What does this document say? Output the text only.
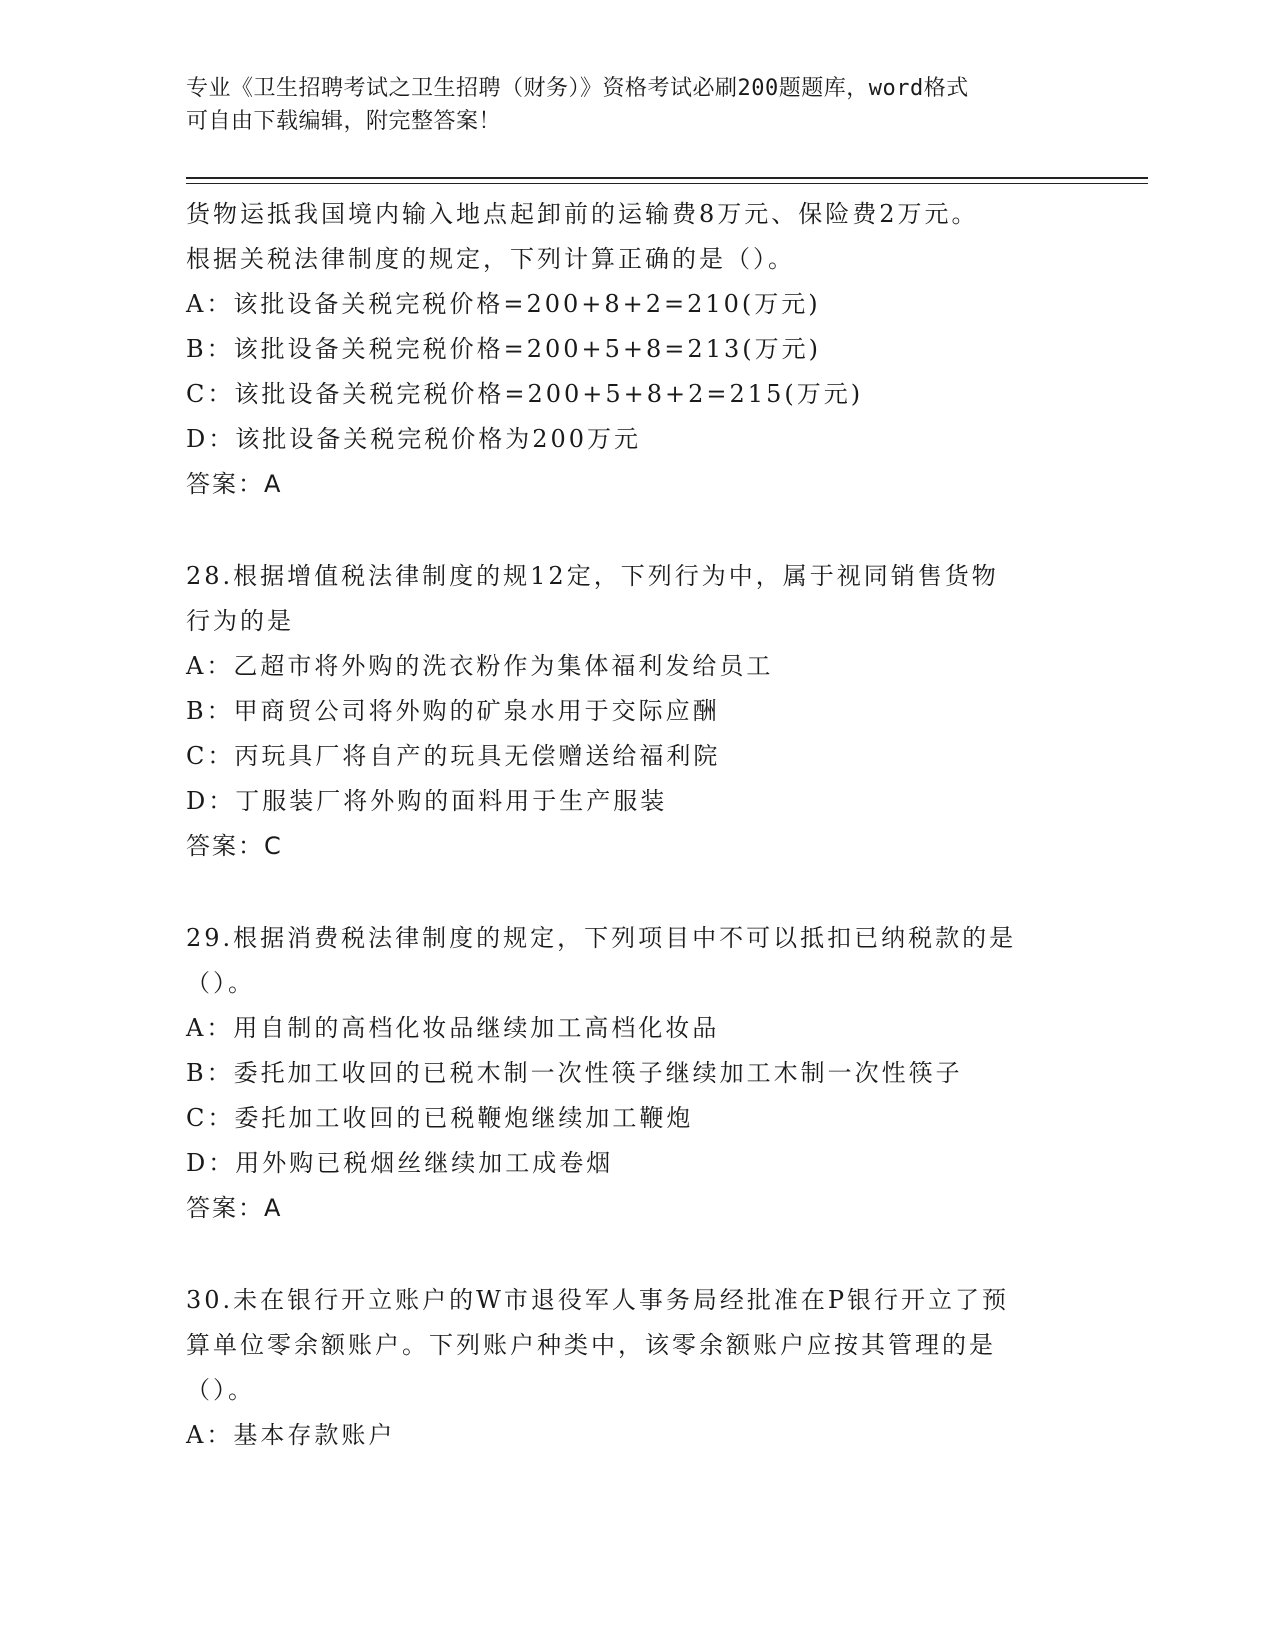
专业《卫生招聘考试之卫生招聘（财务）》资格考试必刷200题题库，word格式
可自由下载编辑，附完整答案！
货物运抵我国境内输入地点起卸前的运输费8万元、保险费2万元。
根据关税法律制度的规定，下列计算正确的是（）。
A：该批设备关税完税价格=200+8+2=210(万元)
B：该批设备关税完税价格=200+5+8=213(万元)
C：该批设备关税完税价格=200+5+8+2=215(万元)
D：该批设备关税完税价格为200万元
答案：A
28.根据增值税法律制度的规12定，下列行为中，属于视同销售货物
行为的是
A：乙超市将外购的洗衣粉作为集体福利发给员工
B：甲商贸公司将外购的矿泉水用于交际应酬
C：丙玩具厂将自产的玩具无偿赠送给福利院
D：丁服装厂将外购的面料用于生产服装
答案：C
29.根据消费税法律制度的规定，下列项目中不可以抵扣已纳税款的是
（）。
A：用自制的高档化妆品继续加工高档化妆品
B：委托加工收回的已税木制一次性筷子继续加工木制一次性筷子
C：委托加工收回的已税鞭炮继续加工鞭炮
D：用外购已税烟丝继续加工成卷烟
答案：A
30.未在银行开立账户的W市退役军人事务局经批准在P银行开立了预
算单位零余额账户。下列账户种类中，该零余额账户应按其管理的是
（）。
A：基本存款账户
